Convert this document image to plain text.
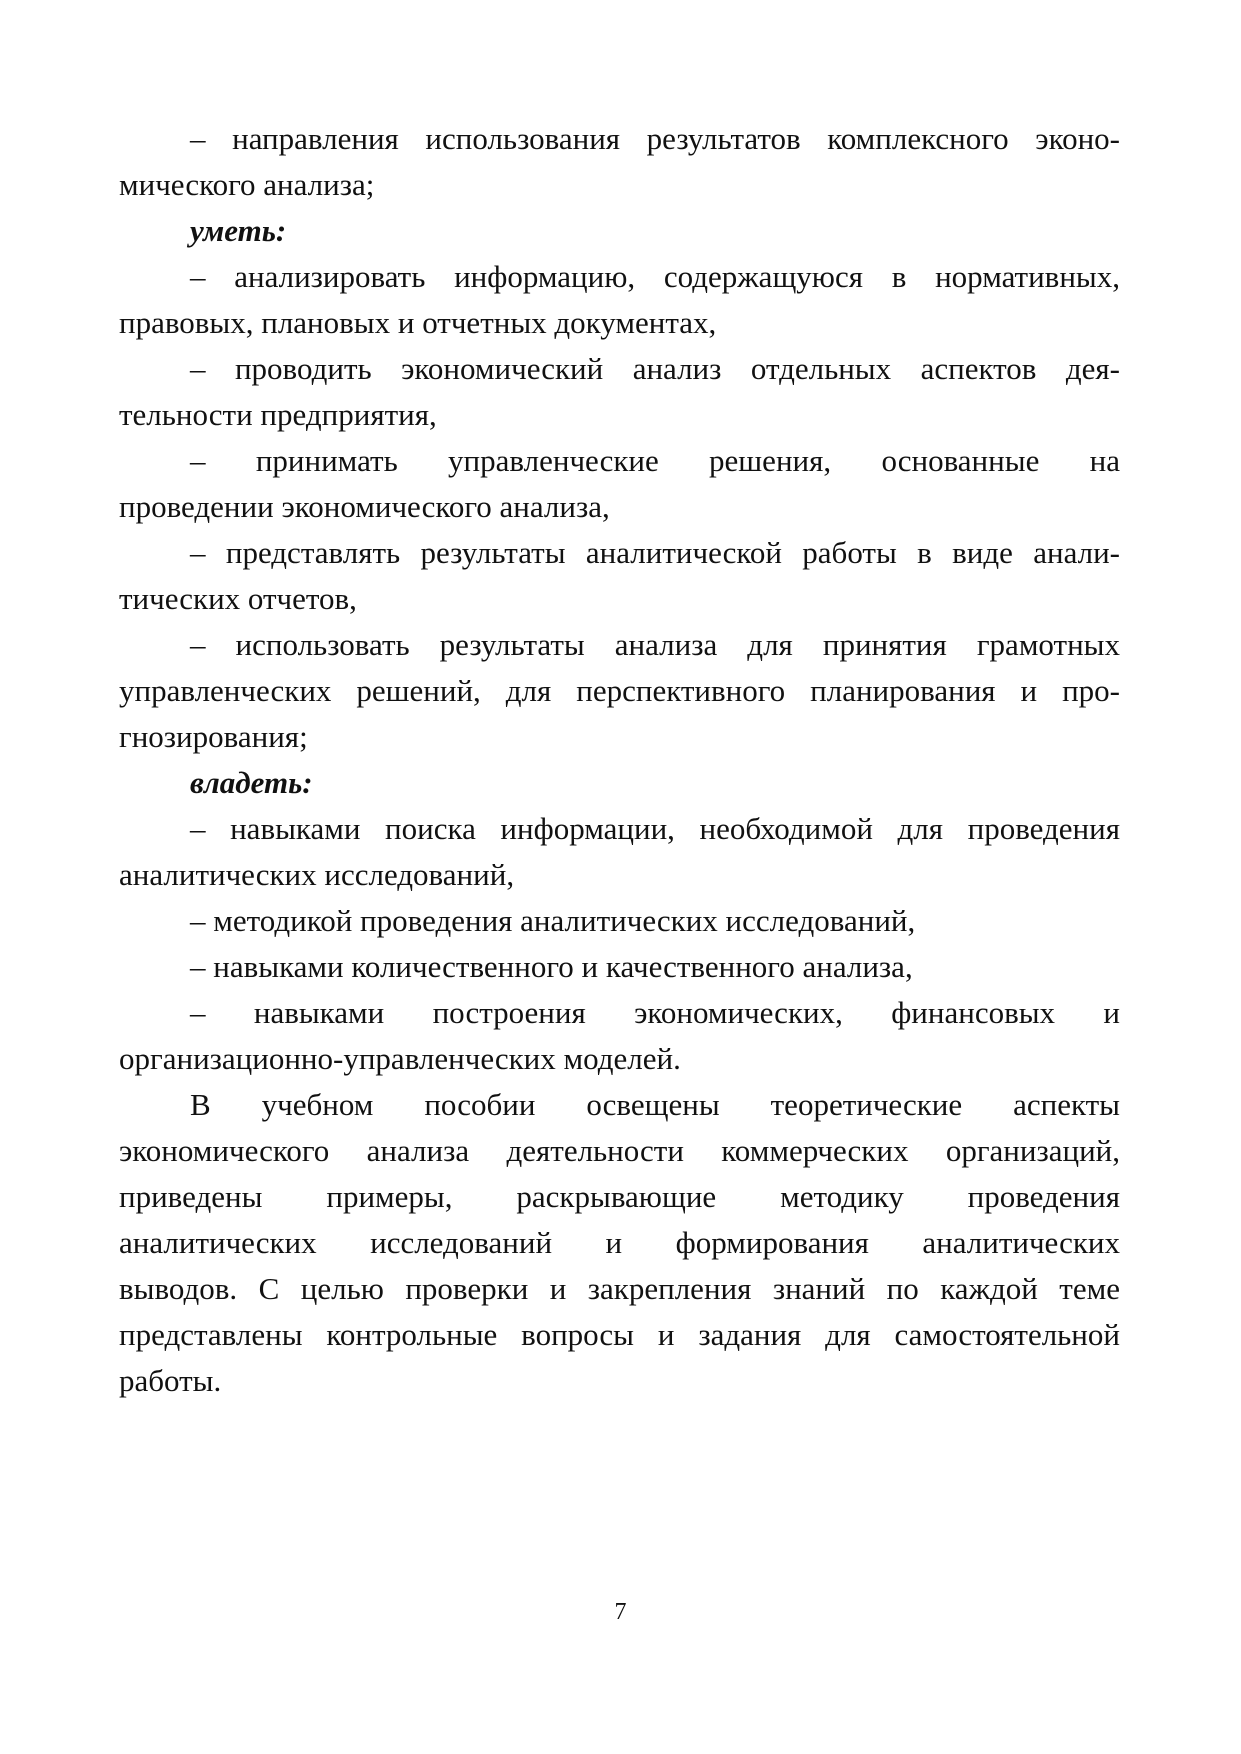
– направления использования результатов комплексного эконо-
мического анализа;
уметь:
– анализировать информацию, содержащуюся в нормативных,
правовых, плановых и отчетных документах,
– проводить экономический анализ отдельных аспектов дея-
тельности предприятия,
– принимать управленческие решения, основанные на
проведении экономического анализа,
– представлять результаты аналитической работы в виде анали-
тических отчетов,
– использовать результаты анализа для принятия грамотных
управленческих решений, для перспективного планирования и про-
гнозирования;
владеть:
– навыками поиска информации, необходимой для проведения
аналитических исследований,
– методикой проведения аналитических исследований,
– навыками количественного и качественного анализа,
– навыками построения экономических, финансовых и
организационно-управленческих моделей.
В учебном пособии освещены теоретические аспекты
экономического анализа деятельности коммерческих организаций,
приведены примеры, раскрывающие методику проведения
аналитических исследований и формирования аналитических
выводов. С целью проверки и закрепления знаний по каждой теме
представлены контрольные вопросы и задания для самостоятельной
работы.
7
